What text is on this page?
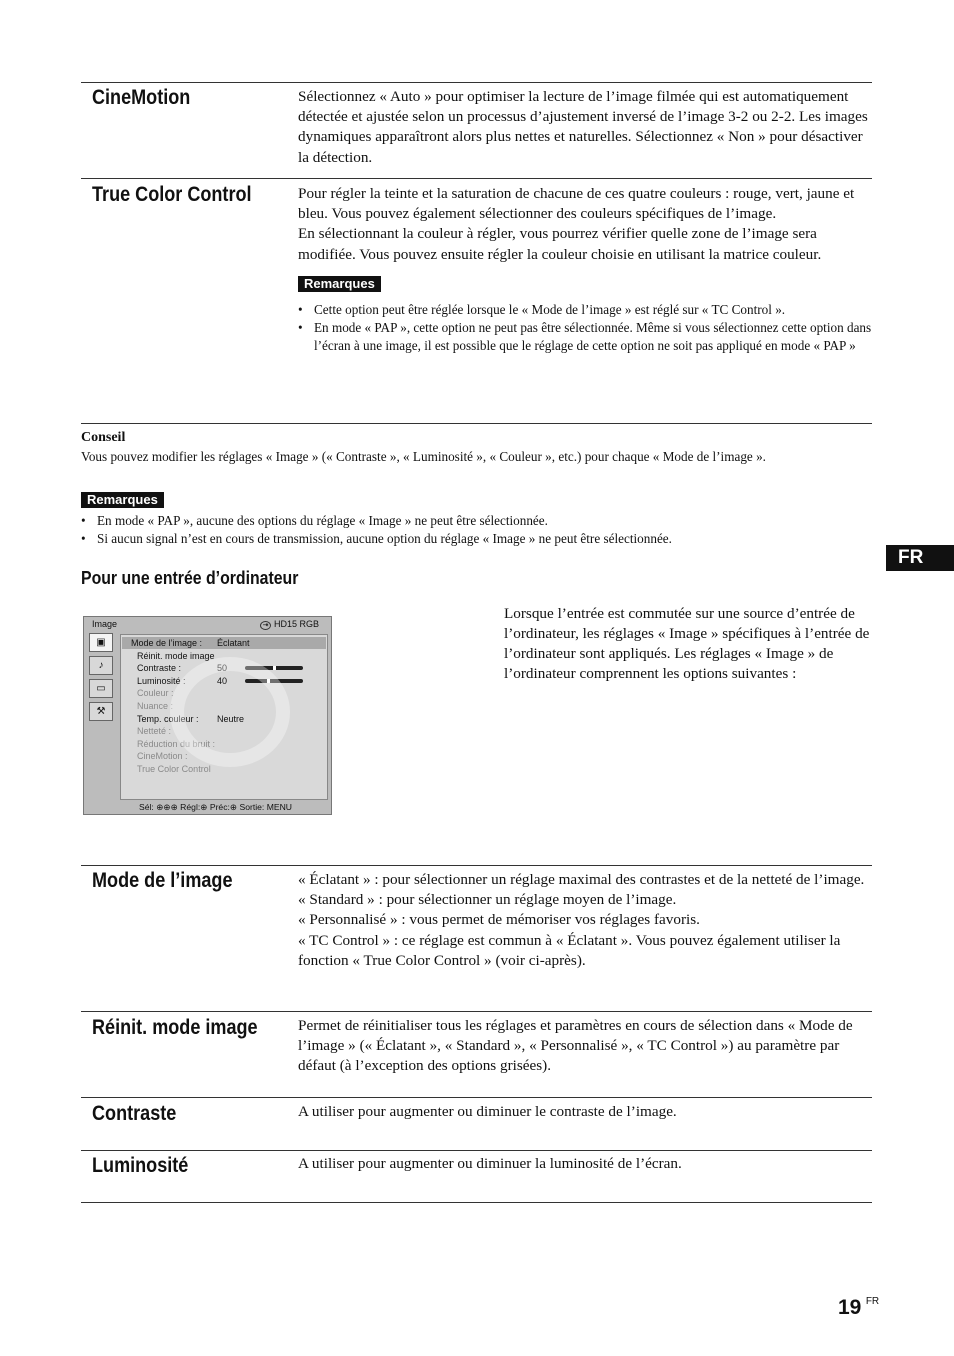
CineMotion	Sélectionnez « Auto » pour optimiser la lecture de l’image filmée qui est automatiquement détectée et ajustée selon un processus d’ajustement inversé de l’image 3-2 ou 2-2. Les images dynamiques apparaîtront alors plus nettes et naturelles. Sélectionnez « Non » pour désactiver la détection.

True Color Control	Pour régler la teinte et la saturation de chacune de ces quatre couleurs : rouge, vert, jaune et bleu. Vous pouvez également sélectionner des couleurs spécifiques de l’image.

En sélectionnant la couleur à régler, vous pourrez vérifier quelle zone de l’image sera modifiée. Vous pouvez ensuite régler la couleur choisie en utilisant la matrice couleur.

Remarques
• Cette option peut être réglée lorsque le « Mode de l’image » est réglé sur « TC Control ».
• En mode « PAP », cette option ne peut pas être sélectionnée. Même si vous sélectionnez cette option dans l’écran à une image, il est possible que le réglage de cette option ne soit pas appliqué en mode « PAP »
Conseil
Vous pouvez modifier les réglages « Image » (« Contraste », « Luminosité », « Couleur », etc.) pour chaque « Mode de l’image ».
Remarques
• En mode « PAP », aucune des options du réglage « Image » ne peut être sélectionnée.
• Si aucun signal n’est en cours de transmission, aucune option du réglage « Image » ne peut être sélectionnée.
FR
Pour une entrée d’ordinateur
Lorsque l’entrée est commutée sur une source d’entrée de l’ordinateur, les réglages « Image » spécifiques à l’entrée de l’ordinateur sont appliqués. Les réglages « Image » de l’ordinateur comprennent les options suivantes :
Image	⇥ HD15 RGB
▣
♪
▭
⚒
Mode de l’image : Éclatant
Réinit. mode image
Contraste :	50
Luminosité :	40
Couleur :
Nuance :
Temp. couleur : Neutre
Netteté :
Réduction du bruit :
CineMotion :
True Color Control
Sél: ⊕⊕⊕ Régl:⊕ Préc:⊕ Sortie: MENU
Mode de l’image	« Éclatant » : pour sélectionner un réglage maximal des contrastes et de la netteté de l’image.

« Standard » : pour sélectionner un réglage moyen de l’image.

« Personnalisé » : vous permet de mémoriser vos réglages favoris.

« TC Control » : ce réglage est commun à « Éclatant ». Vous pouvez également utiliser la fonction « True Color Control » (voir ci-après).

Réinit. mode image	Permet de réinitialiser tous les réglages et paramètres en cours de sélection dans « Mode de l’image » (« Éclatant », « Standard », « Personnalisé », « TC Control ») au paramètre par défaut (à l’exception des options grisées).

Contraste	A utiliser pour augmenter ou diminuer le contraste de l’image.

Luminosité	A utiliser pour augmenter ou diminuer la luminosité de l’écran.

19 $^{FR}$
